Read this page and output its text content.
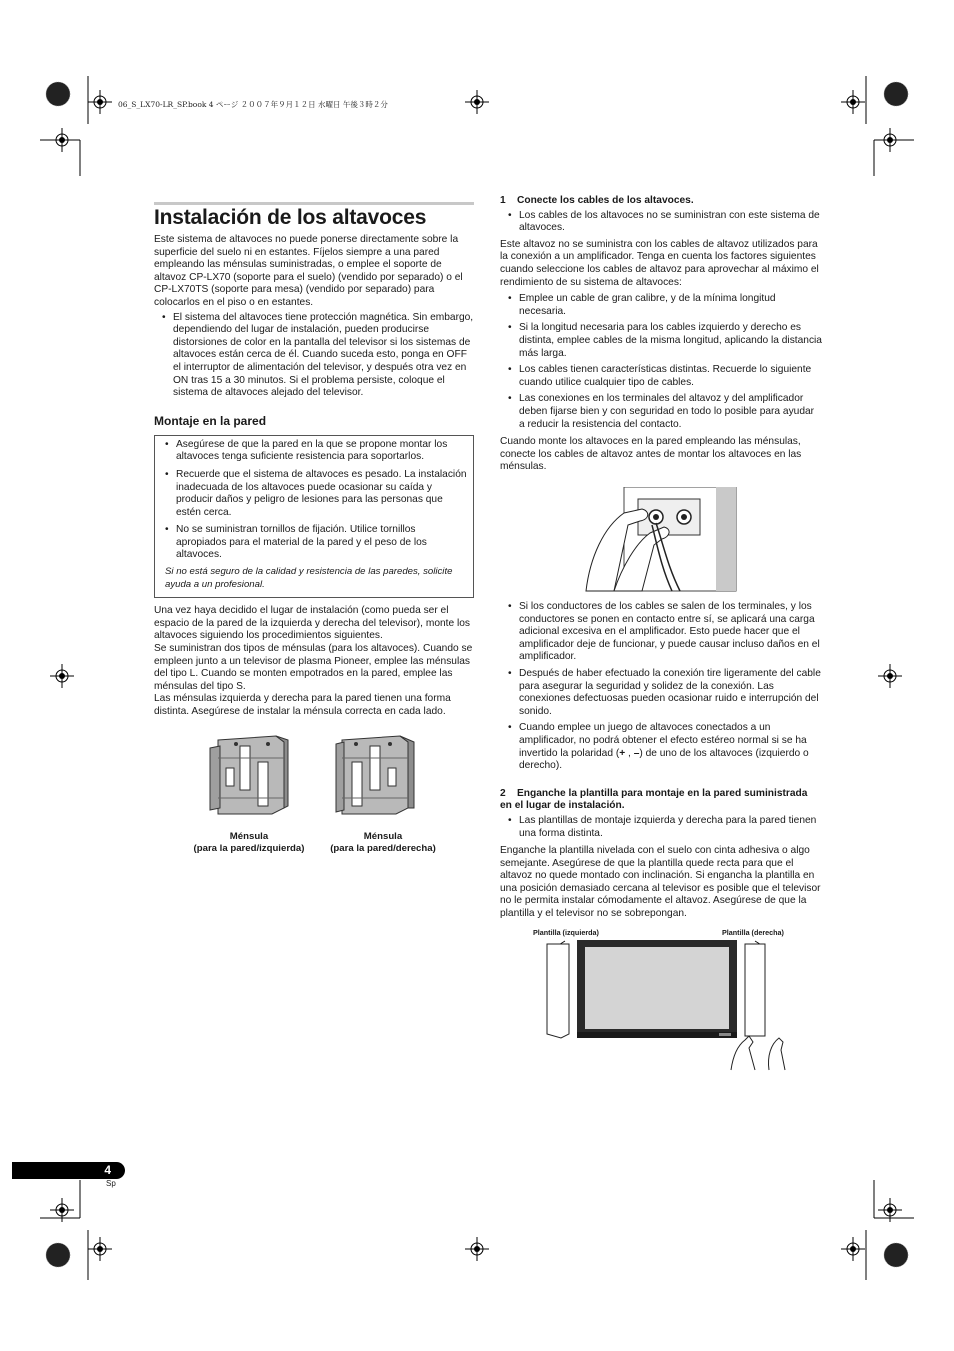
06_S_LX70-LR_SP.book 4 ページ ２００７年９月１２日 水曜日 午後３時２分
Instalación de los altavoces

Este sistema de altavoces no puede ponerse directamente sobre la superficie del suelo ni en estantes. Fíjelos siempre a una pared empleando las ménsulas suministradas, o emplee el soporte de altavoz CP-LX70 (soporte para el suelo) (vendido por separado) o el CP-LX70TS (soporte para mesa) (vendido por separado) para colocarlos en el piso o en estantes.

• El sistema del altavoces tiene protección magnética. Sin embargo, dependiendo del lugar de instalación, pueden producirse distorsiones de color en la pantalla del televisor si los sistemas de altavoces están cerca de él. Cuando suceda esto, ponga en OFF el interruptor de alimentación del televisor, y después otra vez en ON tras 15 a 30 minutos. Si el problema persiste, coloque el sistema de altavoces alejado del televisor.

Montaje en la pared

• Asegúrese de que la pared en la que se propone montar los altavoces tenga suficiente resistencia para soportarlos.

• Recuerde que el sistema de altavoces es pesado. La instalación inadecuada de los altavoces puede ocasionar su caída y producir daños y peligro de lesiones para las personas que estén cerca.

• No se suministran tornillos de fijación. Utilice tornillos apropiados para el material de la pared y el peso de los altavoces.

Si no está seguro de la calidad y resistencia de las paredes, solicite ayuda a un profesional.

Una vez haya decidido el lugar de instalación (como pueda ser el espacio de la pared de la izquierda y derecha del televisor), monte los altavoces siguiendo los procedimientos siguientes.

Se suministran dos tipos de ménsulas (para los altavoces). Cuando se empleen junto a un televisor de plasma Pioneer, emplee las ménsulas del tipo L. Cuando se monten empotrados en la pared, emplee las ménsulas del tipo S.

Las ménsulas izquierda y derecha para la pared tienen una forma distinta. Asegúrese de instalar la ménsula correcta en cada lado.

Ménsula
(para la pared/izquierda)
Ménsula
(para la pared/derecha)

1 Conecte los cables de los altavoces.

• Los cables de los altavoces no se suministran con este sistema de altavoces.

Este altavoz no se suministra con los cables de altavoz utilizados para la conexión a un amplificador. Tenga en cuenta los factores siguientes cuando seleccione los cables de altavoz para aprovechar al máximo el rendimiento de su sistema de altavoces:

• Emplee un cable de gran calibre, y de la mínima longitud necesaria.

• Si la longitud necesaria para los cables izquierdo y derecho es distinta, emplee cables de la misma longitud, aplicando la distancia más larga.

• Los cables tienen características distintas. Recuerde lo siguiente cuando utilice cualquier tipo de cables.

• Las conexiones en los terminales del altavoz y del amplificador deben fijarse bien y con seguridad en todo lo posible para ayudar a reducir la resistencia del contacto.

Cuando monte los altavoces en la pared empleando las ménsulas, conecte los cables de altavoz antes de montar los altavoces en las ménsulas.

• Si los conductores de los cables se salen de los terminales, y los conductores se ponen en contacto entre sí, se aplicará una carga adicional excesiva en el amplificador. Esto puede hacer que el amplificador deje de funcionar, y puede causar incluso daños en el amplificador.

• Después de haber efectuado la conexión tire ligeramente del cable para asegurar la seguridad y solidez de la conexión. Las conexiones defectuosas pueden ocasionar ruido e interrupción del sonido.

• Cuando emplee un juego de altavoces conectados a un amplificador, no podrá obtener el efecto estéreo normal si se ha invertido la polaridad (+ , –) de uno de los altavoces (izquierdo o derecho).

2 Enganche la plantilla para montaje en la pared suministrada en el lugar de instalación.

• Las plantillas de montaje izquierda y derecha para la pared tienen una forma distinta.

Enganche la plantilla nivelada con el suelo con cinta adhesiva o algo semejante. Asegúrese de que la plantilla quede recta para que el altavoz no quede montado con inclinación. Si engancha la plantilla en una posición demasiado cercana al televisor es posible que el televisor no le permita instalar cómodamente el altavoz. Asegúrese de que la plantilla y el televisor no se sobrepongan.

Plantilla (izquierda)	Plantilla (derecha)
4
Sp
